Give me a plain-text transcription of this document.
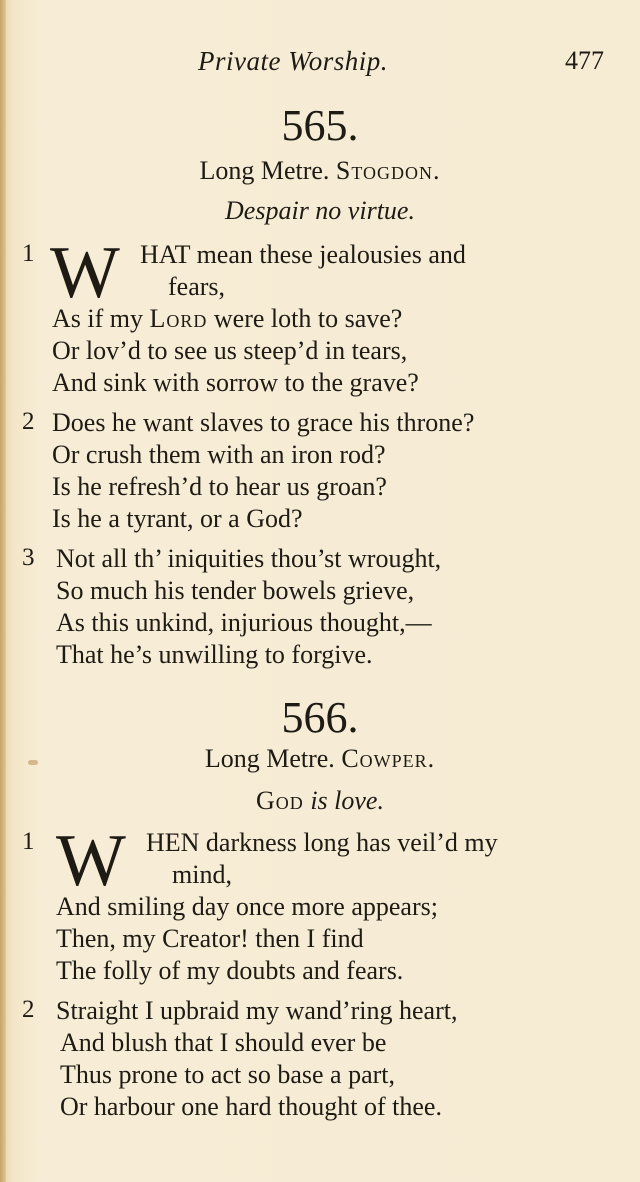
Private Worship.	477
565.
Long Metre. Stogdon.
Despair no virtue.
1 W HAT mean these jealousies and
fears,
As if my Lord were loth to save?
Or lov’d to see us steep’d in tears,
And sink with sorrow to the grave?
2 Does he want slaves to grace his throne?
Or crush them with an iron rod?
Is he refresh’d to hear us groan?
Is he a tyrant, or a God?
3 Not all th’ iniquities thou’st wrought,
So much his tender bowels grieve,
As this unkind, injurious thought,—
That he’s unwilling to forgive.
566.
Long Metre. Cowper.
God is love.
1 W HEN darkness long has veil’d my
mind,
And smiling day once more appears;
Then, my Creator! then I find
The folly of my doubts and fears.
2 Straight I upbraid my wand’ring heart,
And blush that I should ever be
Thus prone to act so base a part,
Or harbour one hard thought of thee.
